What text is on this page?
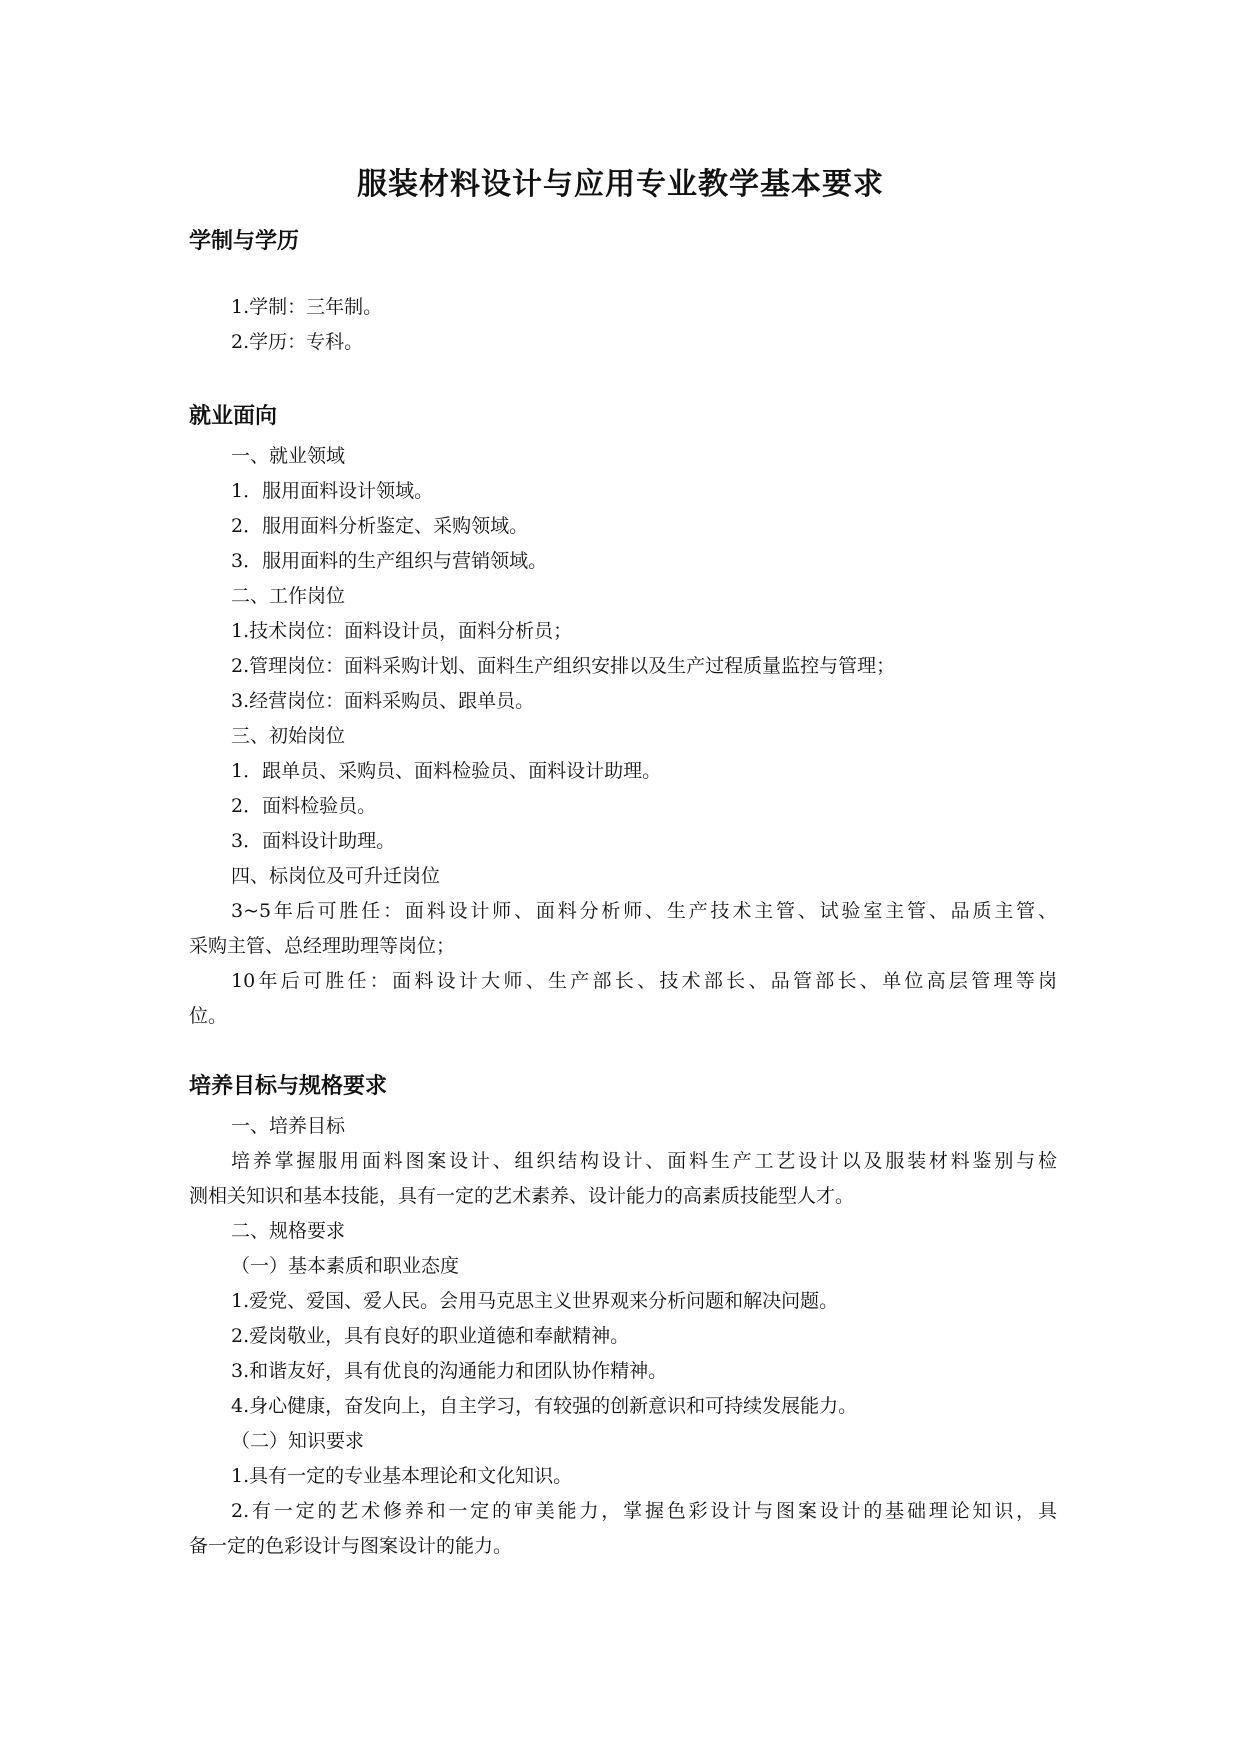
服装材料设计与应用专业教学基本要求
学制与学历
1.学制：三年制。
2.学历：专科。
就业面向
一、就业领域
1．服用面料设计领域。
2．服用面料分析鉴定、采购领域。
3．服用面料的生产组织与营销领域。
二、工作岗位
1.技术岗位：面料设计员，面料分析员；
2.管理岗位：面料采购计划、面料生产组织安排以及生产过程质量监控与管理；
3.经营岗位：面料采购员、跟单员。
三、初始岗位
1．跟单员、采购员、面料检验员、面料设计助理。
2．面料检验员。
3．面料设计助理。
四、标岗位及可升迁岗位
3~5年后可胜任：面料设计师、面料分析师、生产技术主管、试验室主管、品质主管、
采购主管、总经理助理等岗位；
10年后可胜任：面料设计大师、生产部长、技术部长、品管部长、单位高层管理等岗
位。
培养目标与规格要求
一、培养目标
培养掌握服用面料图案设计、组织结构设计、面料生产工艺设计以及服装材料鉴别与检
测相关知识和基本技能，具有一定的艺术素养、设计能力的高素质技能型人才。
二、规格要求
（一）基本素质和职业态度
1.爱党、爱国、爱人民。会用马克思主义世界观来分析问题和解决问题。
2.爱岗敬业，具有良好的职业道德和奉献精神。
3.和谐友好，具有优良的沟通能力和团队协作精神。
4.身心健康，奋发向上，自主学习，有较强的创新意识和可持续发展能力。
（二）知识要求
1.具有一定的专业基本理论和文化知识。
2.有一定的艺术修养和一定的审美能力，掌握色彩设计与图案设计的基础理论知识，具
备一定的色彩设计与图案设计的能力。
